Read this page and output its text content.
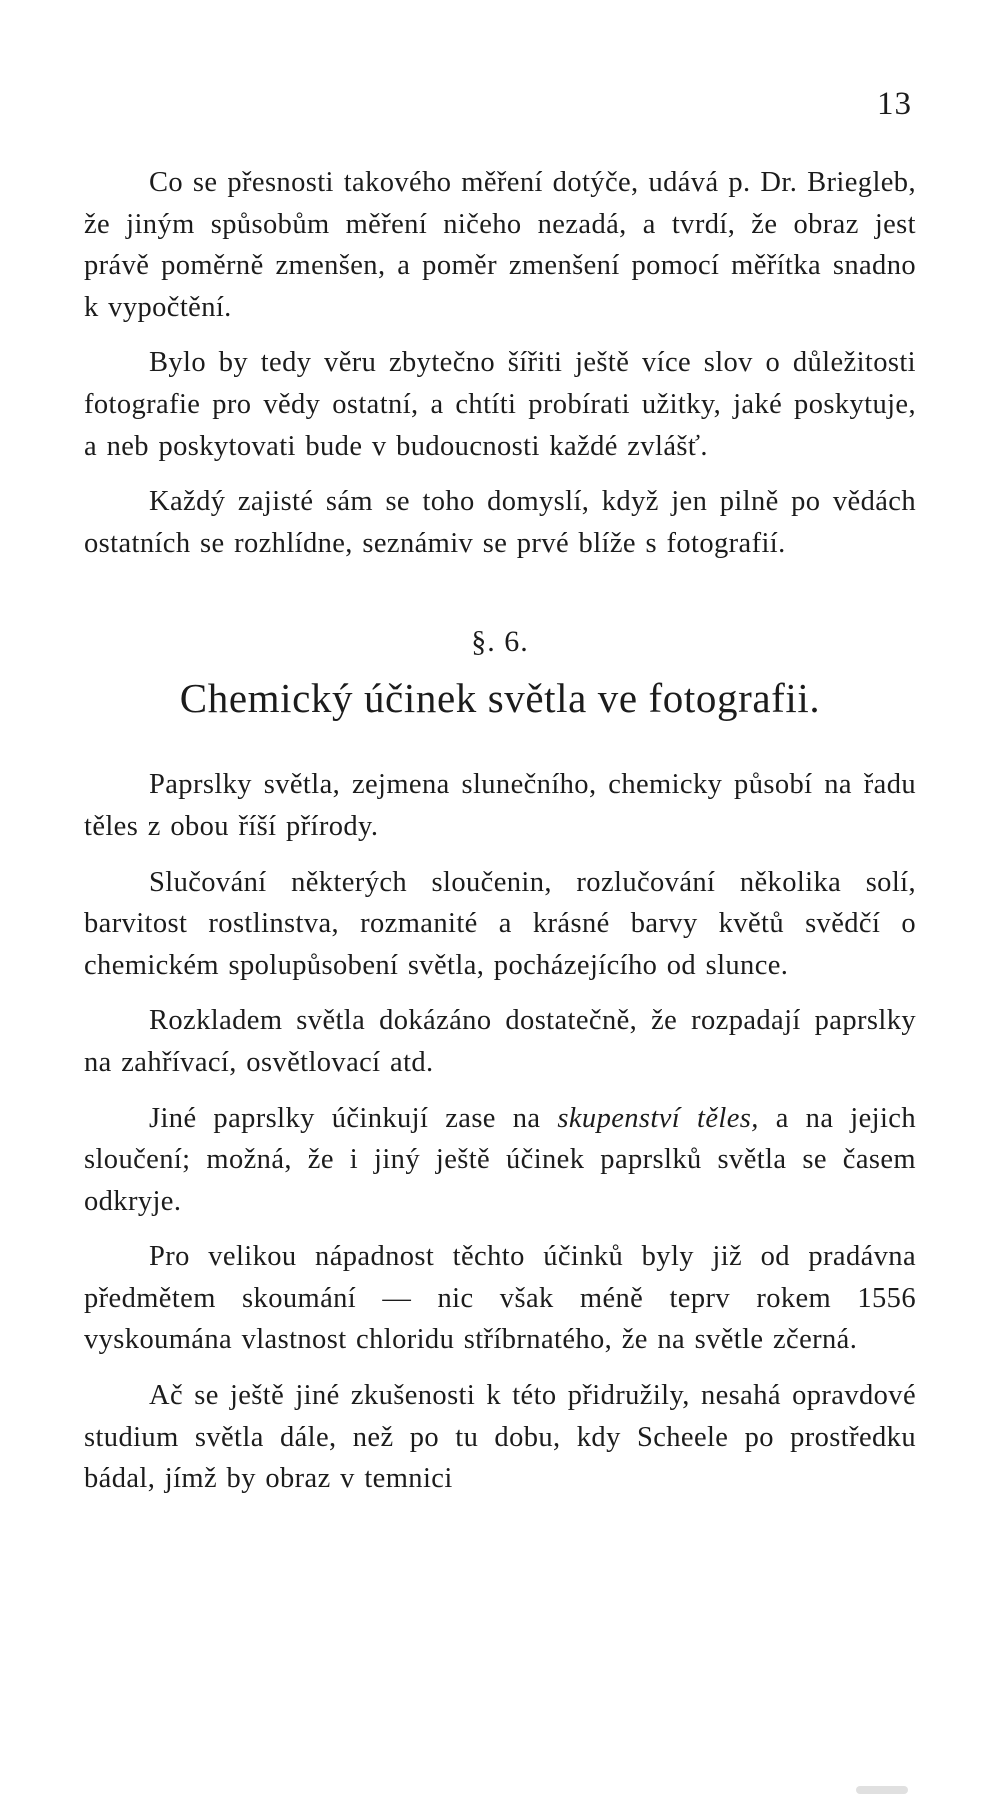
13

Co se přesnosti takového měření dotýče, udává p. Dr. Briegleb, že jiným spůsobům měření ničeho nezadá, a tvrdí, že obraz jest právě poměrně zmenšen, a poměr zmenšení pomocí měřítka snadno k vypočtění.

Bylo by tedy věru zbytečno šířiti ještě více slov o důležitosti fotografie pro vědy ostatní, a chtíti probírati užitky, jaké poskytuje, a neb poskytovati bude v budoucnosti každé zvlášť.

Každý zajisté sám se toho domyslí, když jen pilně po vědách ostatních se rozhlídne, seznámiv se prvé blíže s fotografií.

§. 6.
Chemický účinek světla ve fotografii.

Paprslky světla, zejmena slunečního, chemicky působí na řadu těles z obou říší přírody.

Slučování některých sloučenin, rozlučování několika solí, barvitost rostlinstva, rozmanité a krásné barvy květů svědčí o chemickém spolupůsobení světla, pocházejícího od slunce.

Rozkladem světla dokázáno dostatečně, že rozpadají paprslky na zahřívací, osvětlovací atd.

Jiné paprslky účinkují zase na skupenství těles, a na jejich sloučení; možná, že i jiný ještě účinek paprslků světla se časem odkryje.

Pro velikou nápadnost těchto účinků byly již od pradávna předmětem skoumání — nic však méně teprv rokem 1556 vyskoumána vlastnost chloridu stříbrnatého, že na světle zčerná.

Ač se ještě jiné zkušenosti k této přidružily, nesahá opravdové studium světla dále, než po tu dobu, kdy Scheele po prostředku bádal, jímž by obraz v temnici
